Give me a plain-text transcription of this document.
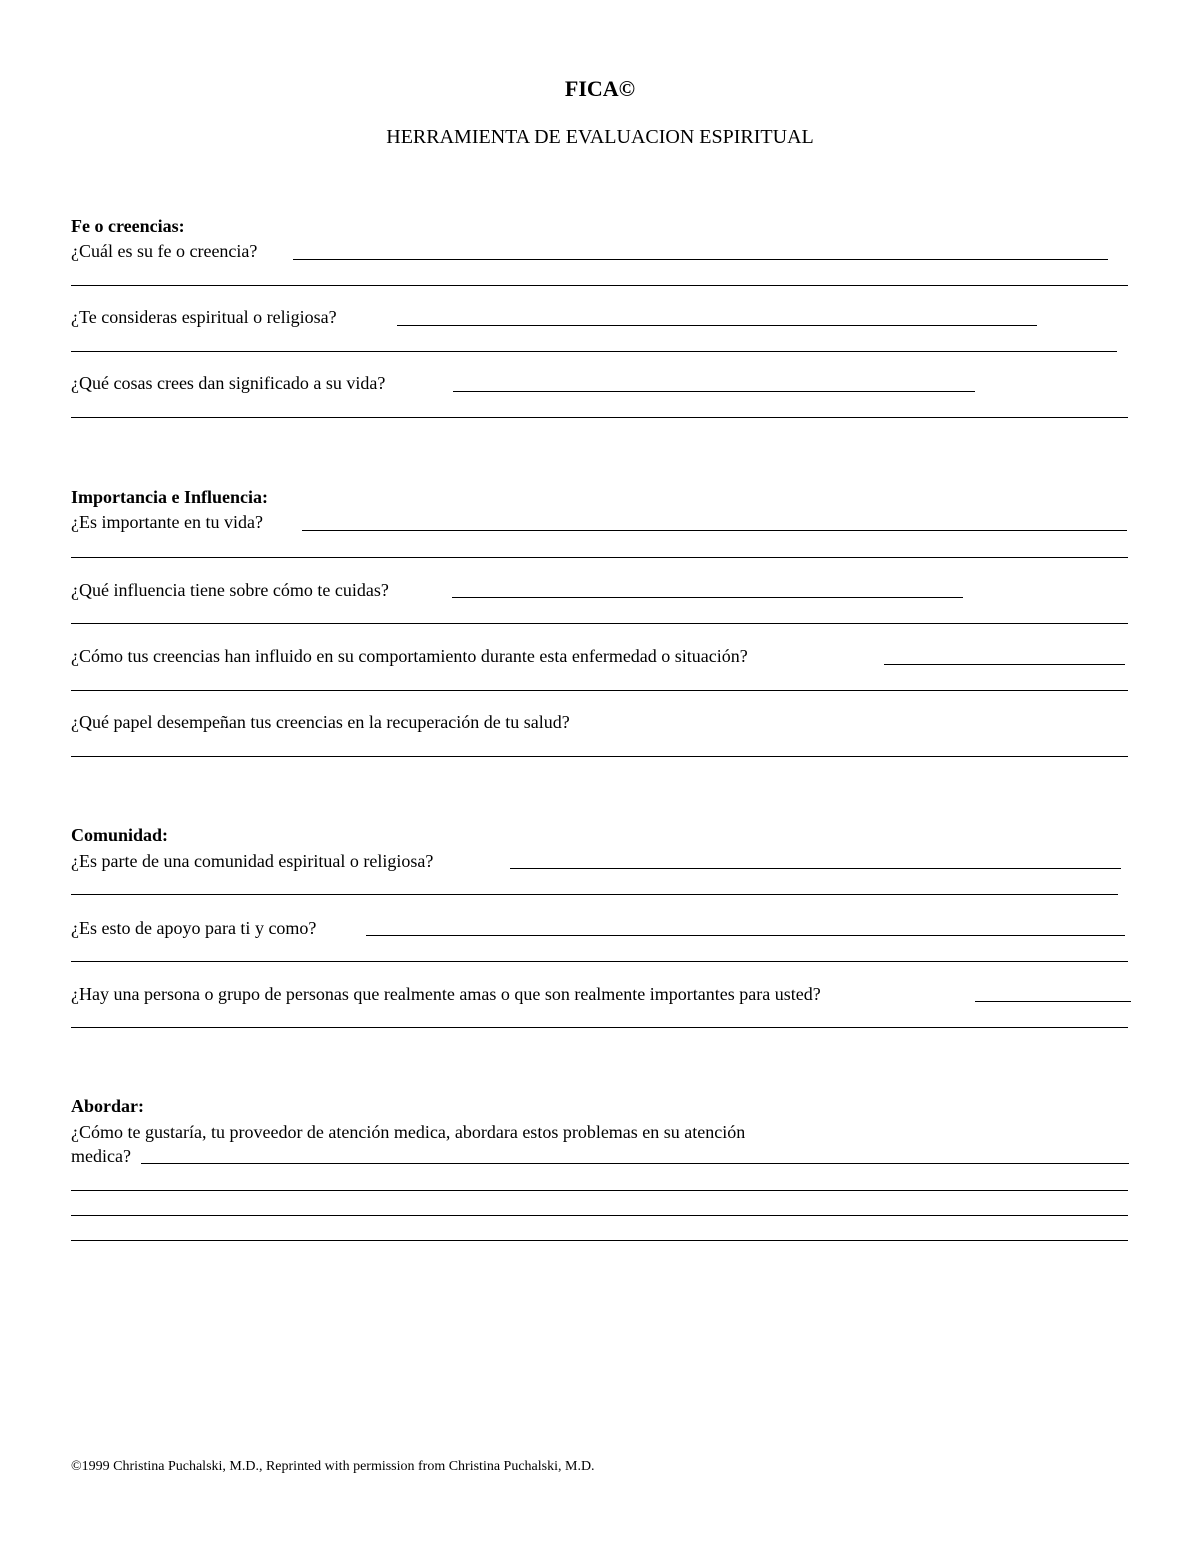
FICA©
HERRAMIENTA DE EVALUACION ESPIRITUAL
Fe o creencias:
¿Cuál es su fe o creencia?
¿Te consideras espiritual o religiosa?
¿Qué cosas crees dan significado a su vida?
Importancia e Influencia:
¿Es importante en tu vida?
¿Qué influencia tiene sobre cómo te cuidas?
¿Cómo tus creencias han influido en su comportamiento durante esta enfermedad o situación?
¿Qué papel desempeñan tus creencias en la recuperación de tu salud?
Comunidad:
¿Es parte de una comunidad espiritual o religiosa?
¿Es esto de apoyo para ti y como?
¿Hay una persona o grupo de personas que realmente amas o que son realmente importantes para usted?
Abordar:
¿Cómo te gustaría, tu proveedor de atención medica, abordara estos problemas en su atención
medica?
©1999 Christina Puchalski, M.D., Reprinted with permission from Christina Puchalski, M.D.
